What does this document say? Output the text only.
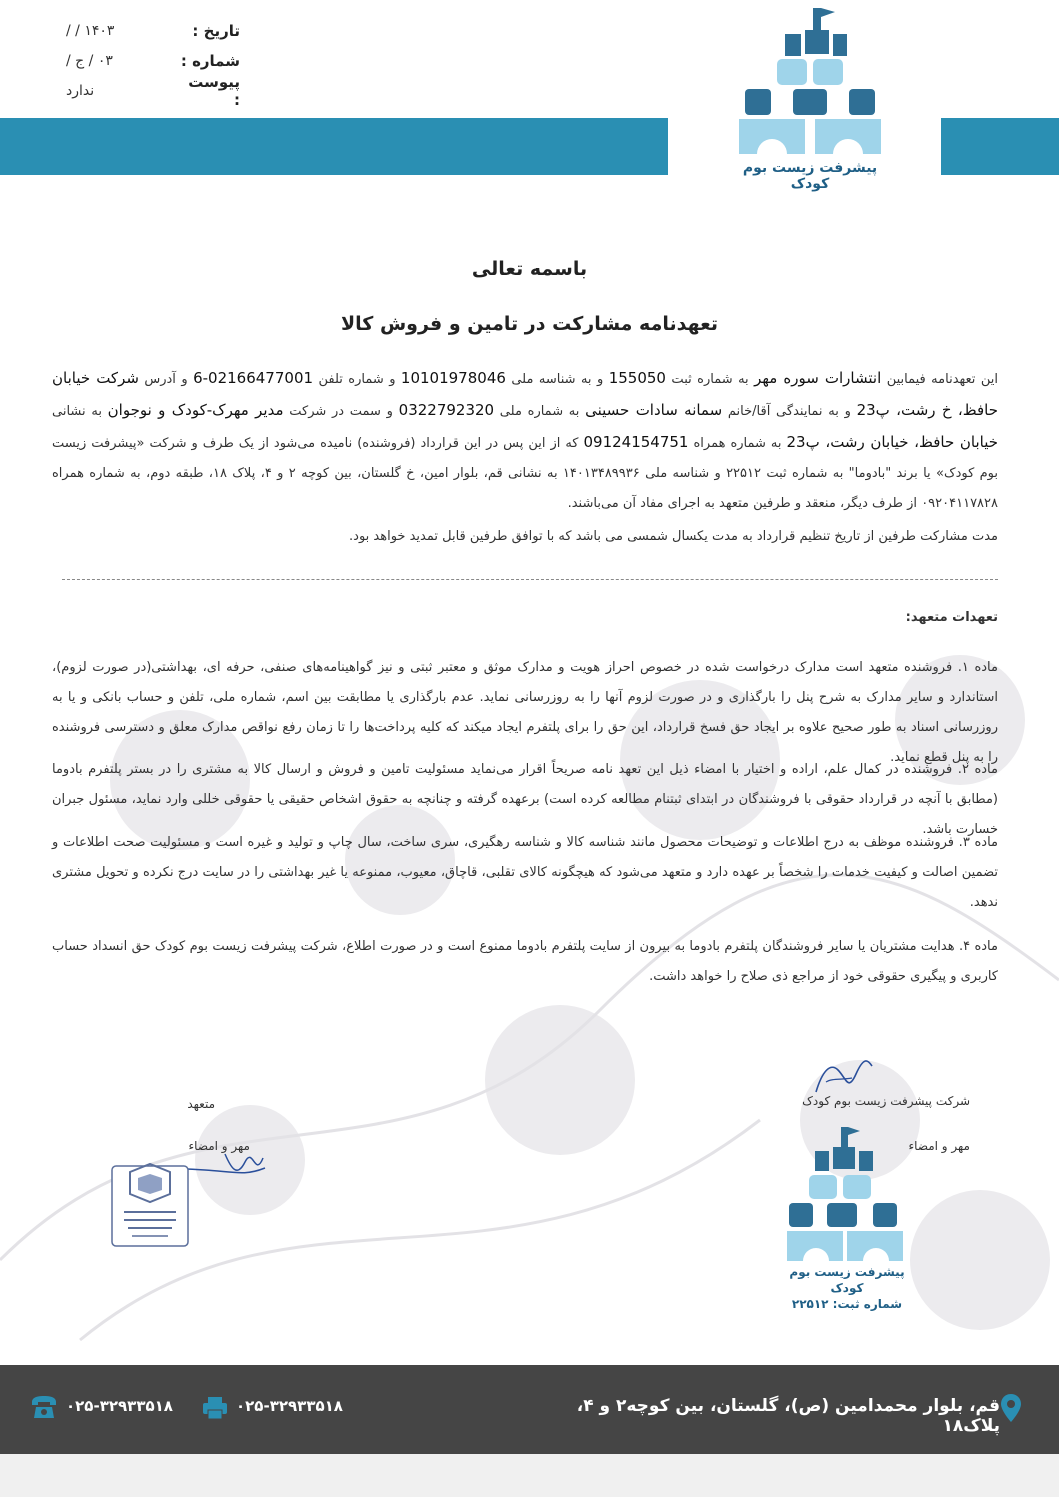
تاریخ :
۱۴۰۳ / /
شماره :
۰۳ / ج /
پیوست :
ندارد
پیشرفت زیست بوم کودک
باسمه تعالی
تعهدنامه مشارکت در تامین و فروش کالا
این تعهدنامه فیمابین انتشارات سوره مهر به شماره ثبت 155050 و به شناسه ملی 10101978046 و شماره تلفن 02166477001-6 و آدرس شرکت خیابان حافظ، خ رشت، پ23 و به نمایندگی آقا/خانم سمانه سادات حسینی به شماره ملی 0322792320 و سمت در شرکت مدیر مهرک-کودک و نوجوان به نشانی خیابان حافظ، خیابان رشت، پ23 به شماره همراه 09124154751 که از این پس در این قرارداد (فروشنده) نامیده می‌شود از یک طرف و شرکت «پیشرفت زیست بوم کودک» یا برند "بادوما" به شماره ثبت ۲۲۵۱۲ و شناسه ملی ۱۴۰۱۳۴۸۹۹۳۶ به نشانی قم، بلوار امین، خ گلستان، بین کوچه ۲ و ۴، پلاک ۱۸، طبقه دوم، به شماره همراه ۰۹۲۰۴۱۱۷۸۲۸ از طرف دیگر، منعقد و طرفین متعهد به اجرای مفاد آن می‌باشند.
مدت مشارکت طرفین از تاریخ تنظیم قرارداد به مدت یکسال شمسی می باشد که با توافق طرفین قابل تمدید خواهد بود.
تعهدات متعهد:
ماده ۱. فروشنده متعهد است مدارک درخواست شده در خصوص احراز هویت و مدارک موثق و معتبر ثبتی و نیز گواهینامه‌های صنفی، حرفه ای، بهداشتی(در صورت لزوم)، استاندارد و سایر مدارک به شرح پنل را بارگذاری و در صورت لزوم آنها را به روزرسانی نماید. عدم بارگذاری یا مطابقت بین اسم، شماره ملی، تلفن و حساب بانکی و یا به روزرسانی اسناد به طور صحیح علاوه بر ایجاد حق فسخ قرارداد، این حق را برای پلتفرم ایجاد میکند که کلیه پرداخت‌ها را تا زمان رفع نواقص مدارک معلق و دسترسی فروشنده را به پنل قطع نماید.
ماده ۲. فروشنده در کمال علم، اراده و اختیار با امضاء ذیل این تعهد نامه صریحاً اقرار می‌نماید مسئولیت تامین و فروش و ارسال کالا به مشتری را در بستر پلتفرم بادوما (مطابق با آنچه در قرارداد حقوقی با فروشندگان در ابتدای ثبتنام مطالعه کرده است) برعهده گرفته و چنانچه به حقوق اشخاص حقیقی یا حقوقی خللی وارد نماید، مسئول جبران خسارت باشد.
ماده ۳. فروشنده موظف به درج اطلاعات و توضیحات محصول مانند شناسه کالا و شناسه رهگیری، سری ساخت، سال چاپ و تولید و غیره است و مسئولیت صحت اطلاعات و تضمین اصالت و کیفیت خدمات را شخصاً بر عهده دارد و متعهد می‌شود که هیچگونه کالای تقلبی، قاچاق، معیوب، ممنوعه یا غیر بهداشتی را در سایت درج نکرده و تحویل مشتری ندهد.
ماده ۴. هدایت مشتریان یا سایر فروشندگان پلتفرم بادوما به بیرون از سایت پلتفرم بادوما ممنوع است و در صورت اطلاع، شرکت پیشرفت زیست بوم کودک حق انسداد حساب کاربری و پیگیری حقوقی خود از مراجع ذی صلاح را خواهد داشت.
شرکت پیشرفت زیست بوم کودک
مهر و امضاء
پیشرفت زیست بوم کودک
شماره ثبت: ۲۲۵۱۲
متعهد
مهر و امضاء
قم، بلوار محمدامین (ص)، گلستان، بین کوچه۲ و ۴، پلاک۱۸
۰۲۵-۳۲۹۳۳۵۱۸
۰۲۵-۳۲۹۳۳۵۱۸
